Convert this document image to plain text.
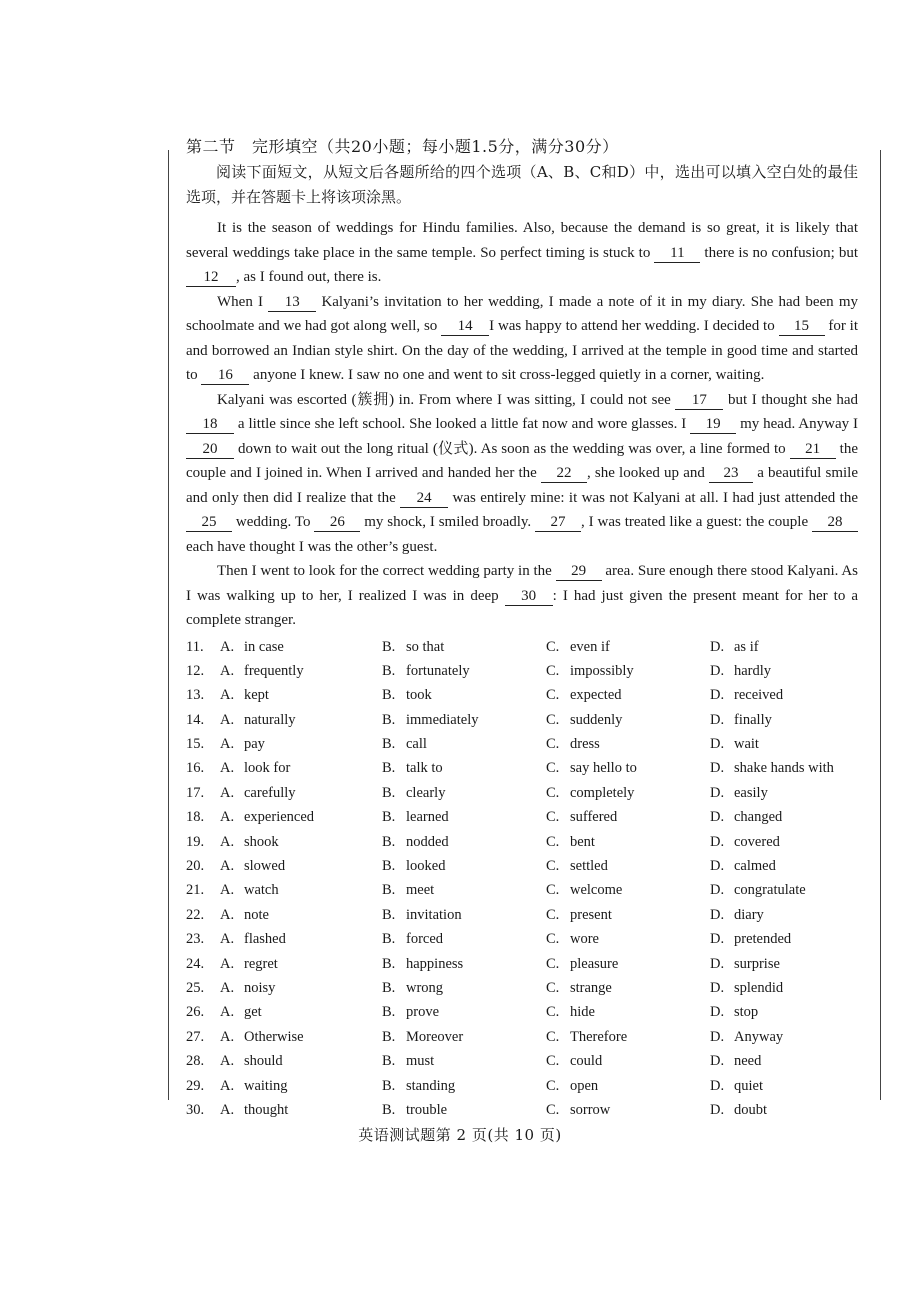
第二节　完形填空（共20小题；每小题1.5分，满分30分）

阅读下面短文，从短文后各题所给的四个选项（A、B、C和D）中，选出可以填入空白处的最佳选项，并在答题卡上将该项涂黑。

It is the season of weddings for Hindu families. Also, because the demand is so great, it is likely that several weddings take place in the same temple. So perfect timing is stuck to 11 there is no confusion; but 12 , as I found out, there is.

When I 13 Kalyani’s invitation to her wedding, I made a note of it in my diary. She had been my schoolmate and we had got along well, so 14 I was happy to attend her wedding. I decided to 15 for it and borrowed an Indian style shirt. On the day of the wedding, I arrived at the temple in good time and started to 16 anyone I knew. I saw no one and went to sit cross-legged quietly in a corner, waiting.

Kalyani was escorted (簇拥) in. From where I was sitting, I could not see 17 but I thought she had 18 a little since she left school. She looked a little fat now and wore glasses. I 19 my head. Anyway I 20 down to wait out the long ritual (仪式). As soon as the wedding was over, a line formed to 21 the couple and I joined in. When I arrived and handed her the 22 , she looked up and 23 a beautiful smile and only then did I realize that the 24 was entirely mine: it was not Kalyani at all. I had just attended the 25 wedding. To 26 my shock, I smiled broadly. 27 , I was treated like a guest: the couple 28 each have thought I was the other’s guest.

Then I went to look for the correct wedding party in the 29 area. Sure enough there stood Kalyani. As I was walking up to her, I realized I was in deep 30 : I had just given the present meant for her to a complete stranger.

11.	A. in case	B. so that	C. even if	D. as if
12.	A. frequently	B. fortunately	C. impossibly	D. hardly
13.	A. kept	B. took	C. expected	D. received
14.	A. naturally	B. immediately	C. suddenly	D. finally
15.	A. pay	B. call	C. dress	D. wait
16.	A. look for	B. talk to	C. say hello to	D. shake hands with
17.	A. carefully	B. clearly	C. completely	D. easily
18.	A. experienced	B. learned	C. suffered	D. changed
19.	A. shook	B. nodded	C. bent	D. covered
20.	A. slowed	B. looked	C. settled	D. calmed
21.	A. watch	B. meet	C. welcome	D. congratulate
22.	A. note	B. invitation	C. present	D. diary
23.	A. flashed	B. forced	C. wore	D. pretended
24.	A. regret	B. happiness	C. pleasure	D. surprise
25.	A. noisy	B. wrong	C. strange	D. splendid
26.	A. get	B. prove	C. hide	D. stop
27.	A. Otherwise	B. Moreover	C. Therefore	D. Anyway
28.	A. should	B. must	C. could	D. need
29.	A. waiting	B. standing	C. open	D. quiet
30.	A. thought	B. trouble	C. sorrow	D. doubt
英语测试题第 2 页(共 10 页)
